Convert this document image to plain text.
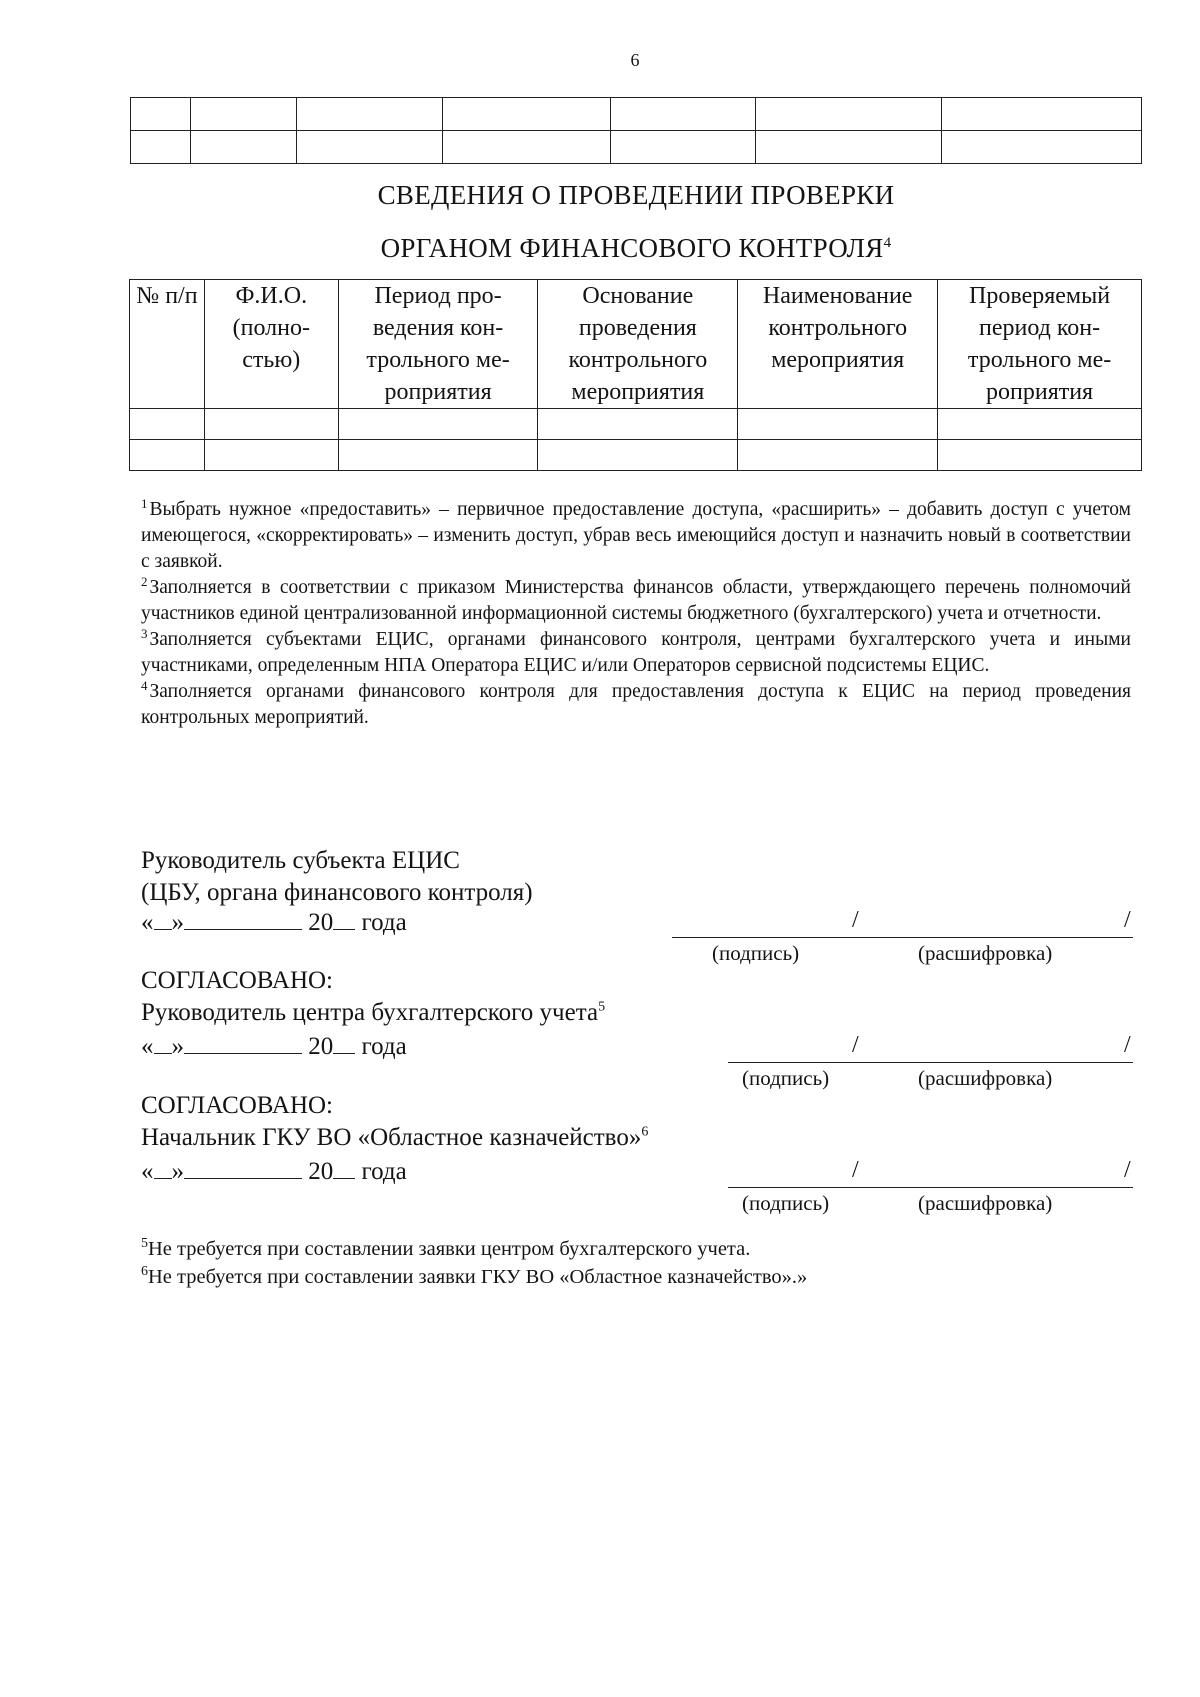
6

СВЕДЕНИЯ О ПРОВЕДЕНИИ ПРОВЕРКИ
ОРГАНОМ ФИНАНСОВОГО КОНТРОЛЯ$^4$
№ п/п	Ф.И.О. (полно- стью)	Период про- ведения кон- трольного ме- роприятия	Основание проведения контрольного мероприятия	Наименование контрольного мероприятия	Проверяемый период кон- трольного ме- роприятия

$^1$ Выбрать нужное «предоставить» – первичное предоставление доступа, «расширить» – добавить доступ с учетом имеющегося, «скорректировать» – изменить доступ, убрав весь имеющийся доступ и назначить новый в соответствии с заявкой.

$^2$ Заполняется в соответствии с приказом Министерства финансов области, утверждающего перечень полномочий участников единой централизованной информационной системы бюджетного (бухгалтерского) учета и отчетности.

$^3$ Заполняется субъектами ЕЦИС, органами финансового контроля, центрами бухгалтерского учета и иными участниками, определенным НПА Оператора ЕЦИС и/или Операторов сервисной подсистемы ЕЦИС.

$^4$ Заполняется органами финансового контроля для предоставления доступа к ЕЦИС на период проведения контрольных мероприятий.

Руководитель субъекта ЕЦИС
(ЦБУ, органа финансового контроля)
« »	20 года	/	/
(подпись)	(расшифровка)
СОГЛАСОВАНО:
Руководитель центра бухгалтерского учета$^5$
« »	20 года	/	/
(подпись)	(расшифровка)
СОГЛАСОВАНО:
Начальник ГКУ ВО «Областное казначейство»$^6$
« »	20 года	/	/
(подпись)	(расшифровка)

$^5$Не требуется при составлении заявки центром бухгалтерского учета.

$^6$Не требуется при составлении заявки ГКУ ВО «Областное казначейство».»
